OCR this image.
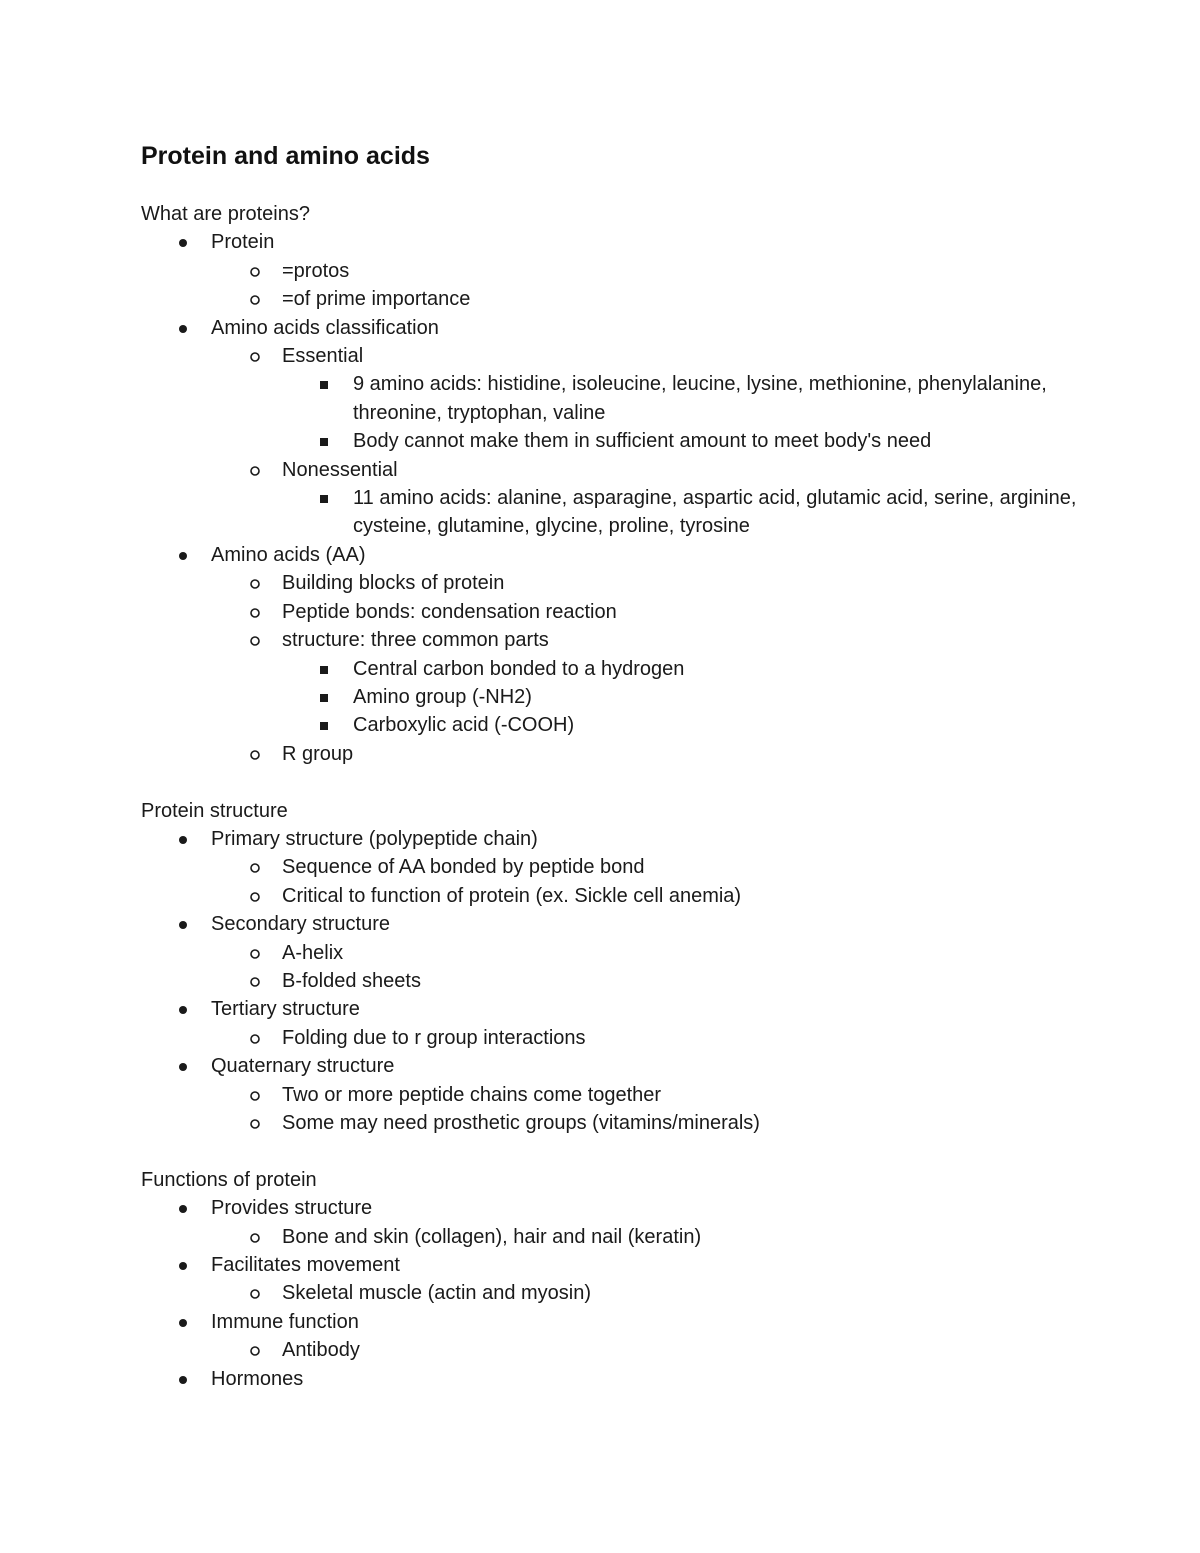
Protein and amino acids
What are proteins?
Protein
=protos
=of prime importance
Amino acids classification
Essential
9 amino acids: histidine, isoleucine, leucine, lysine, methionine, phenylalanine, threonine, tryptophan, valine
Body cannot make them in sufficient amount to meet body's need
Nonessential
11 amino acids: alanine, asparagine, aspartic acid, glutamic acid, serine, arginine, cysteine, glutamine, glycine, proline, tyrosine
Amino acids (AA)
Building blocks of protein
Peptide bonds: condensation reaction
structure: three common parts
Central carbon bonded to a hydrogen
Amino group (-NH2)
Carboxylic acid (-COOH)
R group
Protein structure
Primary structure (polypeptide chain)
Sequence of AA bonded by peptide bond
Critical to function of protein (ex. Sickle cell anemia)
Secondary structure
A-helix
B-folded sheets
Tertiary structure
Folding due to r group interactions
Quaternary structure
Two or more peptide chains come together
Some may need prosthetic groups (vitamins/minerals)
Functions of protein
Provides structure
Bone and skin (collagen), hair and nail (keratin)
Facilitates movement
Skeletal muscle (actin and myosin)
Immune function
Antibody
Hormones
